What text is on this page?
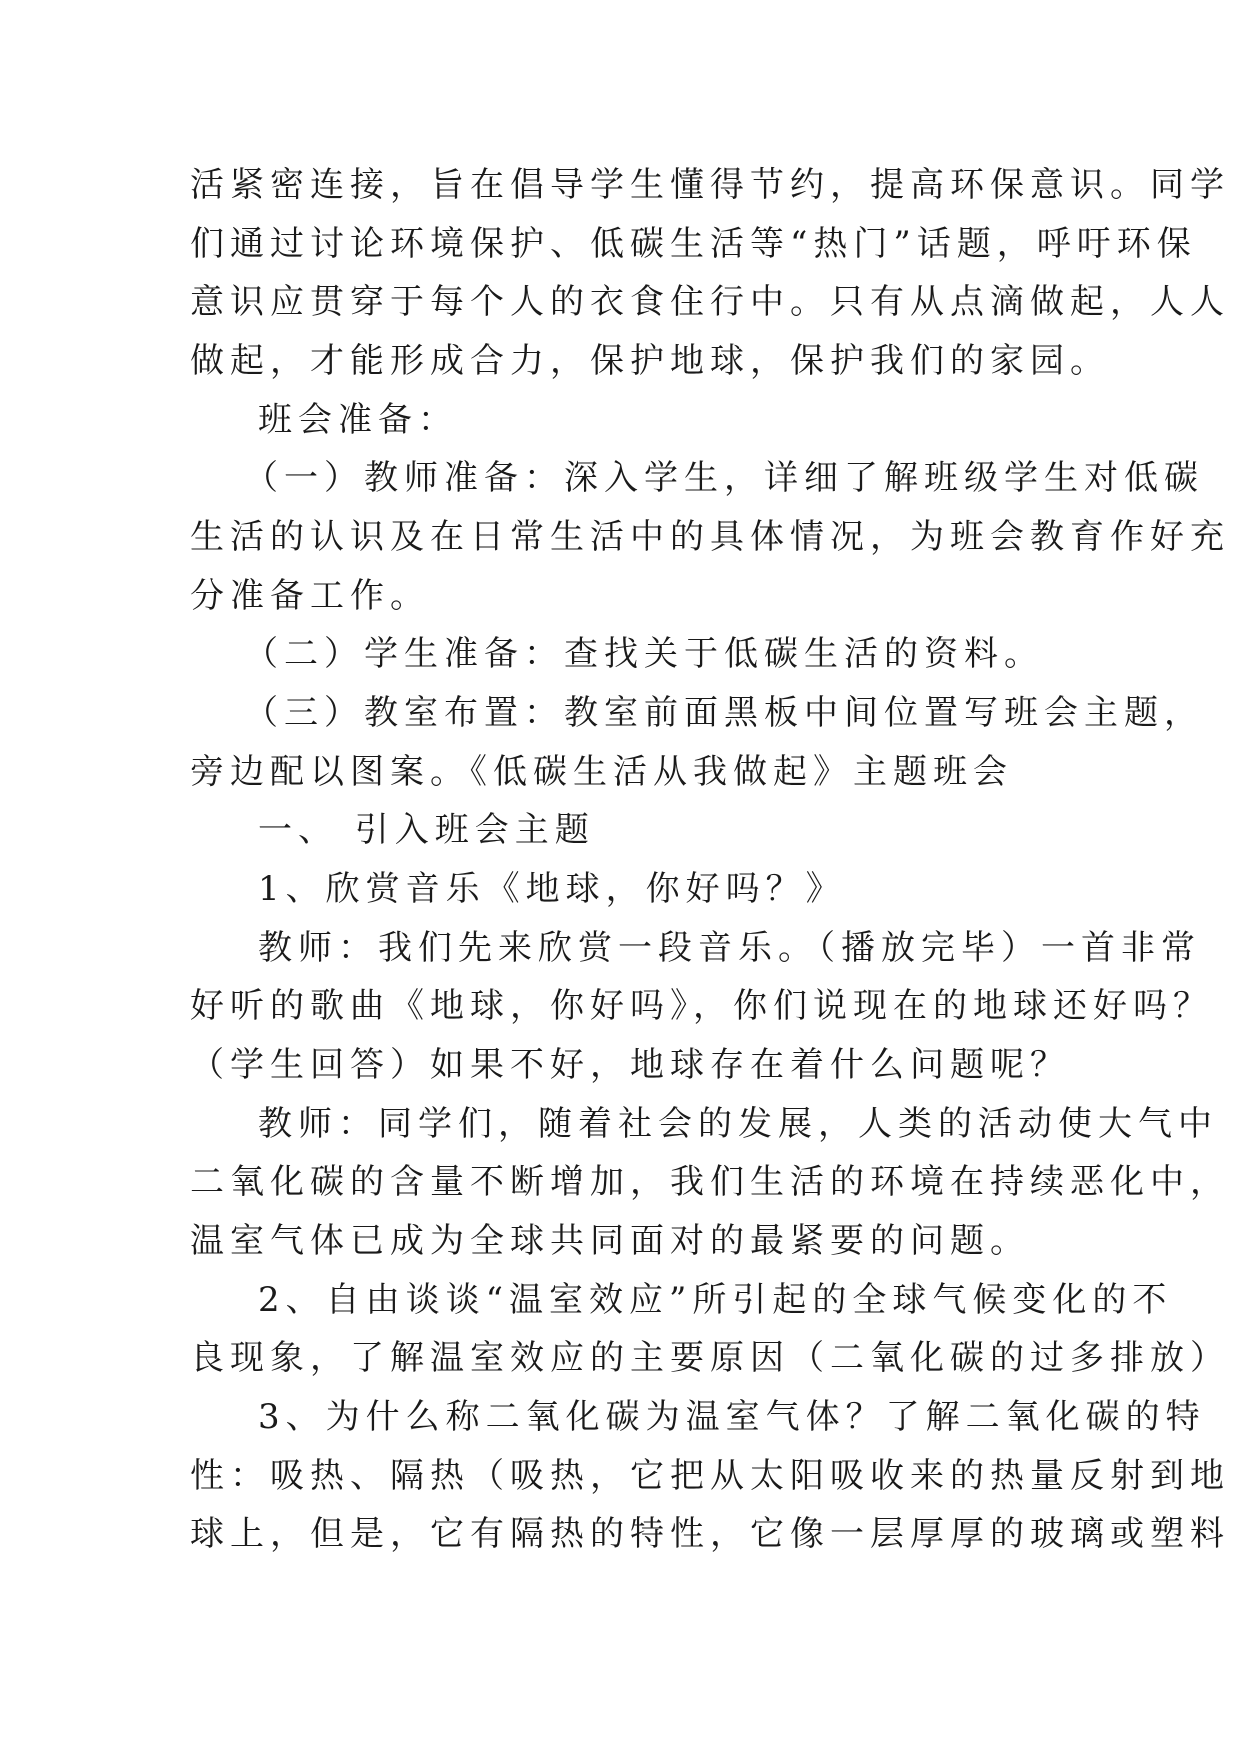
活紧密连接，旨在倡导学生懂得节约，提高环保意识。同学
们通过讨论环境保护、低碳生活等“热门”话题，呼吁环保
意识应贯穿于每个人的衣食住行中。只有从点滴做起，人人
做起，才能形成合力，保护地球，保护我们的家园。
班会准备：
（一）教师准备：深入学生，详细了解班级学生对低碳
生活的认识及在日常生活中的具体情况，为班会教育作好充
分准备工作。
（二）学生准备：查找关于低碳生活的资料。
（三）教室布置：教室前面黑板中间位置写班会主题，
旁边配以图案。《低碳生活从我做起》主题班会
一、 引入班会主题
1、欣赏音乐《地球，你好吗？》
教师：我们先来欣赏一段音乐。（播放完毕）一首非常
好听的歌曲《地球，你好吗》，你们说现在的地球还好吗？
（学生回答）如果不好，地球存在着什么问题呢？
教师：同学们，随着社会的发展，人类的活动使大气中
二氧化碳的含量不断增加，我们生活的环境在持续恶化中，
温室气体已成为全球共同面对的最紧要的问题。
2、自由谈谈“温室效应”所引起的全球气候变化的不
良现象，了解温室效应的主要原因（二氧化碳的过多排放）
3、为什么称二氧化碳为温室气体？了解二氧化碳的特
性：吸热、隔热（吸热，它把从太阳吸收来的热量反射到地
球上，但是，它有隔热的特性，它像一层厚厚的玻璃或塑料
